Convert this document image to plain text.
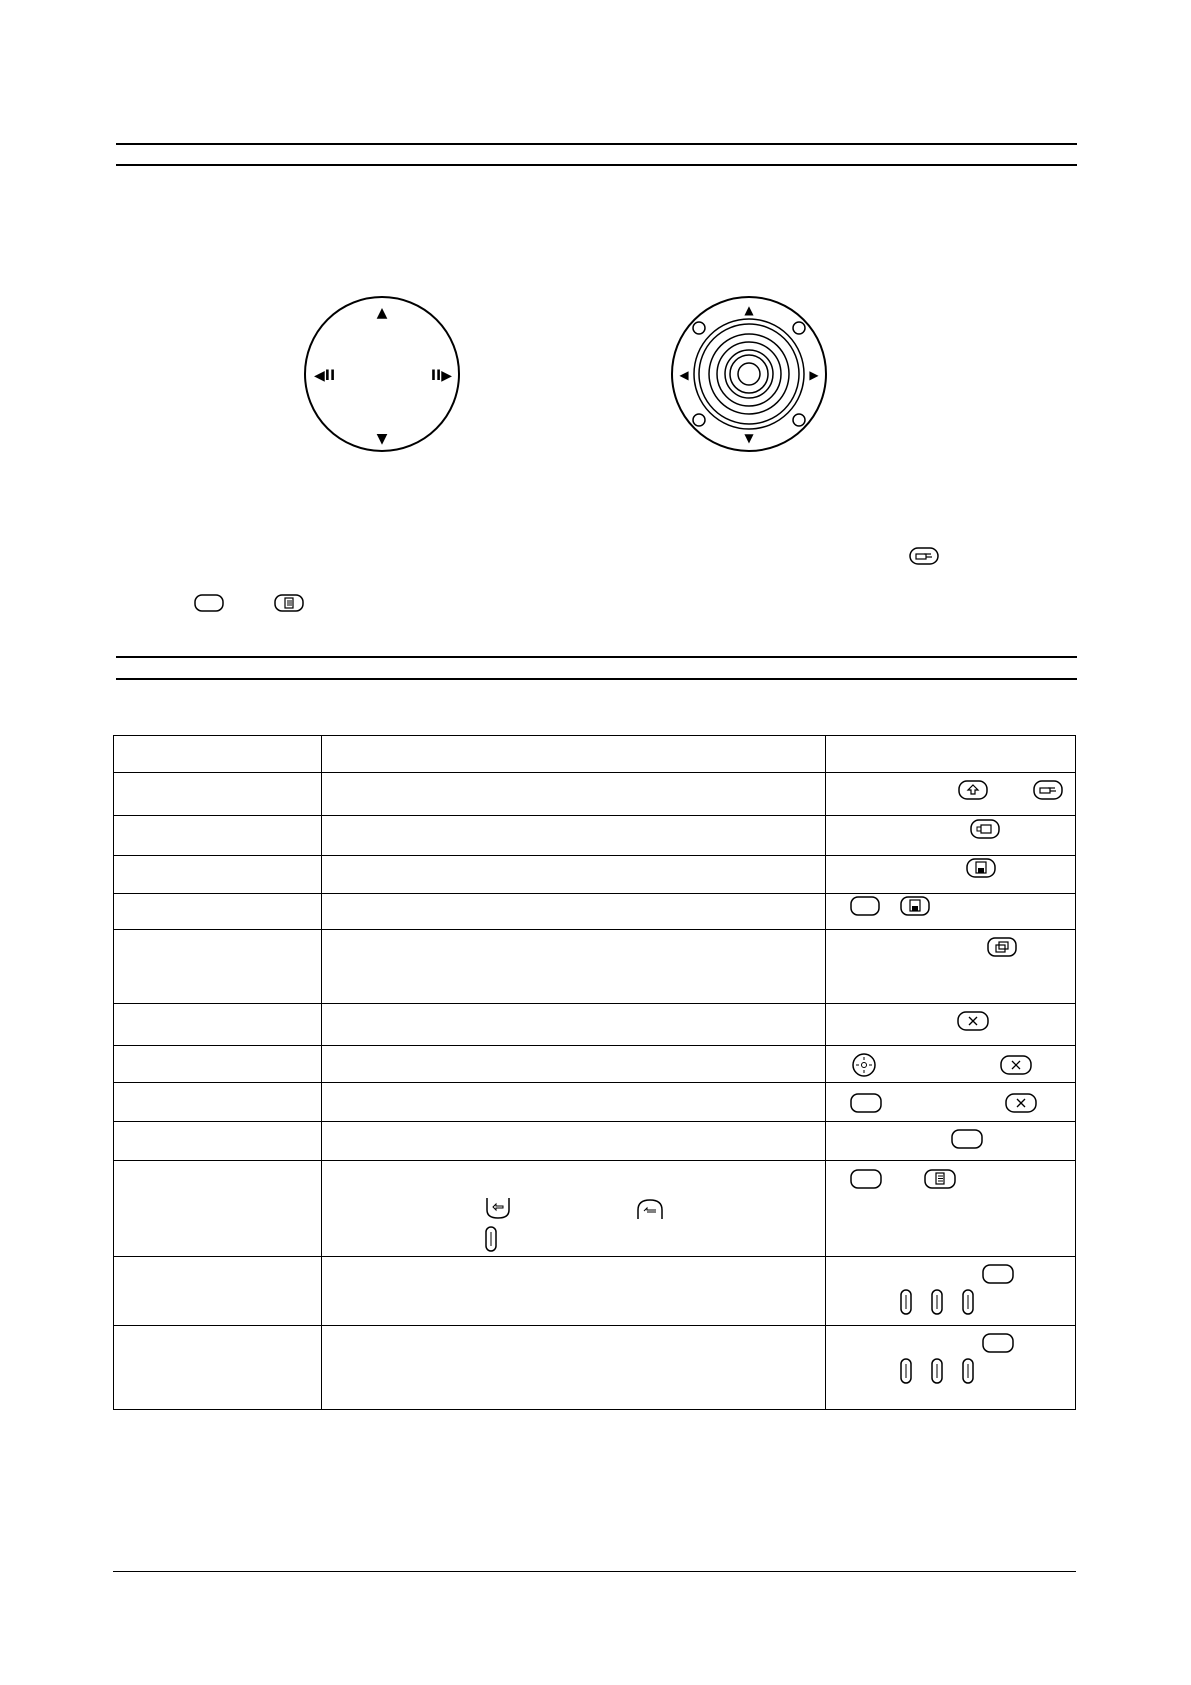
▲
▼
◀II	II▶
▲
▼
◀	▶
